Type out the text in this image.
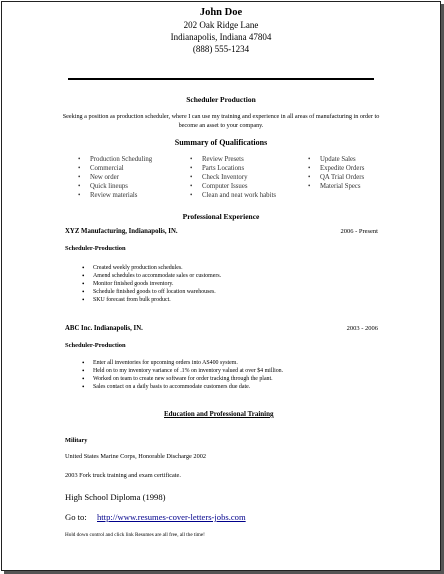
John Doe
202 Oak Ridge Lane
Indianapolis, Indiana 47804
(888) 555-1234
Scheduler Production
Seeking a position as production scheduler, where I can use my training and experience in all areas of manufacturing in order to become an asset to your company.
Summary of Qualifications
• Production Scheduling
• Commercial
• New order
• Quick lineups
• Review materials
• Review Presets
• Parts Locations
• Check Inventory
• Computer Issues
• Clean and neat work habits
• Update Sales
• Expedite Orders
• QA Trial Orders
• Material Specs
Professional Experience
XYZ Manufacturing, Indianapolis, IN.	2006 - Present
Scheduler-Production
• Created weekly production schedules.
• Amend schedules to accommodate sales or customers.
• Monitor finished goods inventory.
• Schedule finished goods to off location warehouses.
• SKU forecast from bulk product.
ABC Inc. Indianapolis, IN.	2003 - 2006
Scheduler-Production
• Enter all inventories for upcoming orders into AS400 system.
• Held on to my inventory variance of .1% on inventory valued at over $4 million.
• Worked on team to create new software for order tracking through the plant.
• Sales contact on a daily basis to accommodate customers due date.
Education and Professional Training
Military
United States Marine Corps, Honorable Discharge 2002
2003 Fork truck training and exam certificate.
High School Diploma (1998)
Go to: http://www.resumes-cover-letters-jobs.com
Hold down control and click link Resumes are all free, all the time!
